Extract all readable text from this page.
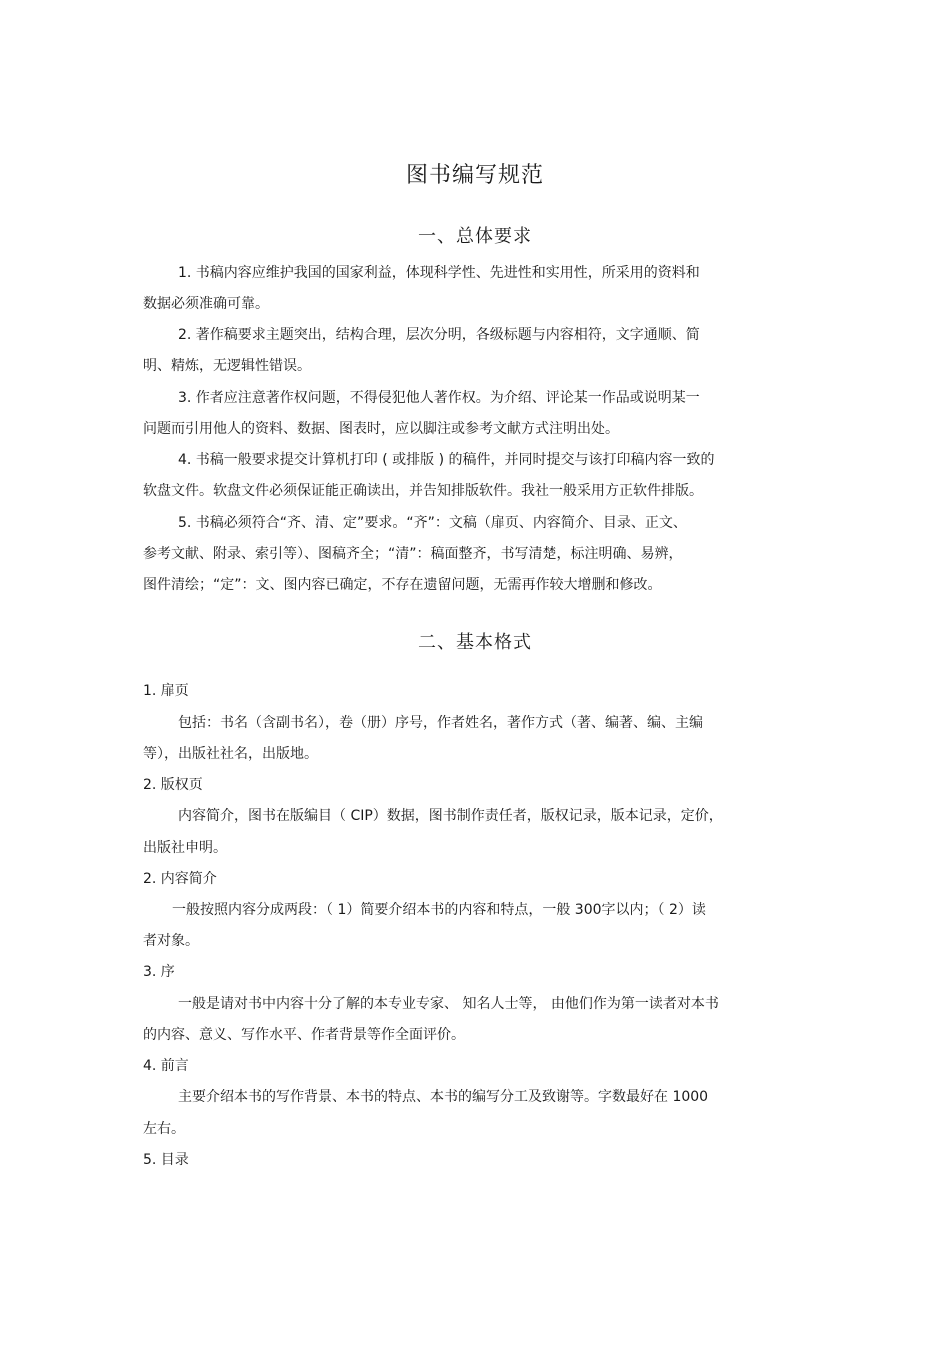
图书编写规范
一、总体要求
1. 书稿内容应维护我国的国家利益，体现科学性、先进性和实用性，所采用的资料和
数据必须准确可靠。
2. 著作稿要求主题突出，结构合理，层次分明，各级标题与内容相符，文字通顺、简
明、精炼，无逻辑性错误。
3. 作者应注意著作权问题，不得侵犯他人著作权。为介绍、评论某一作品或说明某一
问题而引用他人的资料、数据、图表时，应以脚注或参考文献方式注明出处。
4. 书稿一般要求提交计算机打印 ( 或排版 ) 的稿件，并同时提交与该打印稿内容一致的
软盘文件。软盘文件必须保证能正确读出，并告知排版软件。我社一般采用方正软件排版。
5. 书稿必须符合“齐、清、定”要求。“齐”：文稿（扉页、内容简介、目录、正文、
参考文献、附录、索引等）、图稿齐全；“清”：稿面整齐，书写清楚，标注明确、易辨，
图件清绘；“定”：文、图内容已确定，不存在遗留问题，无需再作较大增删和修改。
二、基本格式
1. 扉页
包括：书名（含副书名），卷（册）序号，作者姓名，著作方式（著、编著、编、主编
等），出版社社名，出版地。
2. 版权页
内容简介，图书在版编目（ CIP）数据，图书制作责任者，版权记录，版本记录，定价，
出版社申明。
2. 内容简介
一般按照内容分成两段：（ 1）简要介绍本书的内容和特点，一般 300字以内；（ 2）读
者对象。
3. 序
一般是请对书中内容十分了解的本专业专家、 知名人士等， 由他们作为第一读者对本书
的内容、意义、写作水平、作者背景等作全面评价。
4. 前言
主要介绍本书的写作背景、本书的特点、本书的编写分工及致谢等。字数最好在 1000
左右。
5. 目录
